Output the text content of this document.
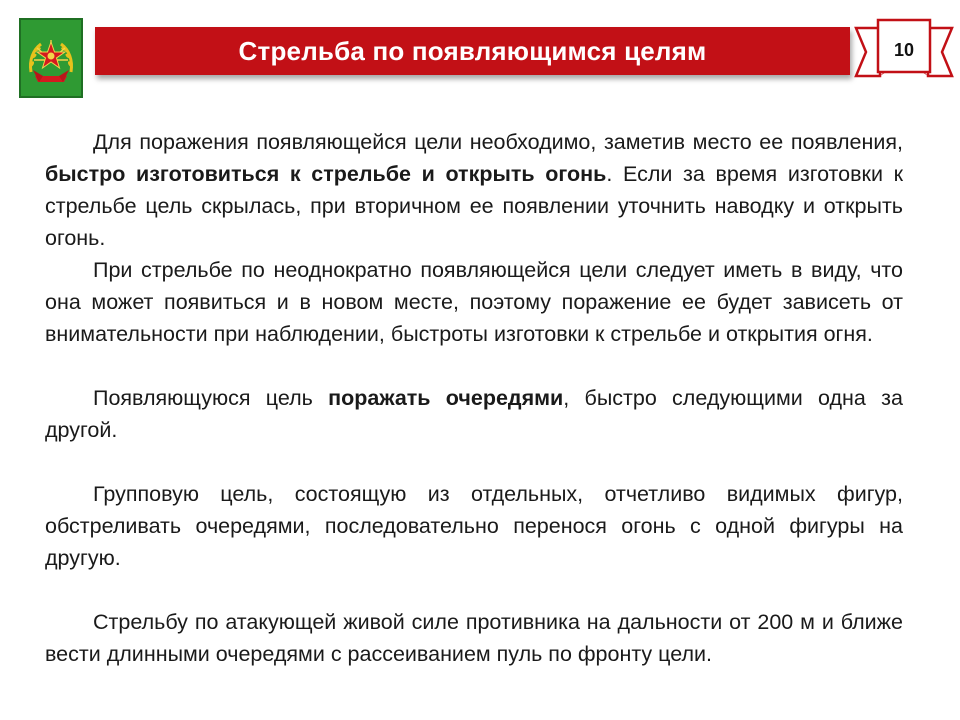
Стрельба по появляющимся целям	10

Для поражения появляющейся цели необходимо, заметив место ее появления, быстро изготовиться к стрельбе и открыть огонь. Если за время изготовки к стрельбе цель скрылась, при вторичном ее появлении уточнить наводку и открыть огонь.

При стрельбе по неоднократно появляющейся цели следует иметь в виду, что она может появиться и в новом месте, поэтому поражение ее будет зависеть от внимательности при наблюдении, быстроты изготовки к стрельбе и открытия огня.

Появляющуюся цель поражать очередями, быстро следующими одна за другой.

Групповую цель, состоящую из отдельных, отчетливо видимых фигур, обстреливать очередями, последовательно перенося огонь с одной фигуры на другую.

Стрельбу по атакующей живой силе противника на дальности от 200 м и ближе вести длинными очередями с рассеиванием пуль по фронту цели.
